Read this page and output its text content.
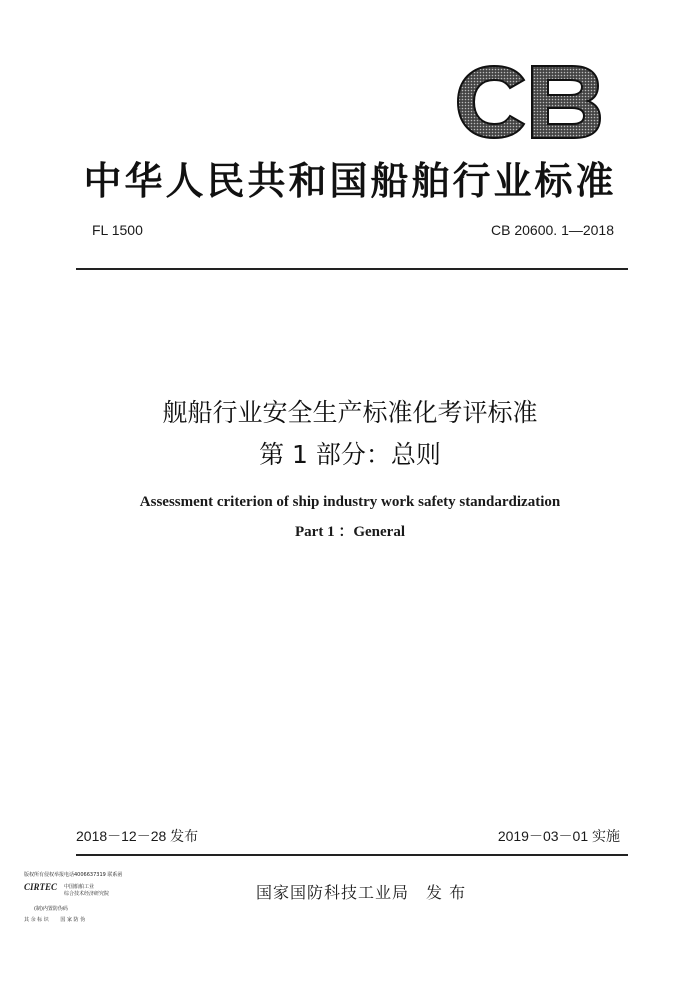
中华人民共和国船舶行业标准
FL 1500	CB 20600. 1—2018
舰船行业安全生产标准化考评标准
第 1 部分：总则
Assessment criterion of ship industry work safety standardization
Part 1 ：General
2018－12－28 发布	2019－03－01 实施
国家国防科技工业局　发 布
版权所有侵权举报电话4006637319 联系函
CIRTEC 中国船舶工业
综合技术经济研究院
(制)内置防伪码
其 余 标 识　 　国 家 防 伪
